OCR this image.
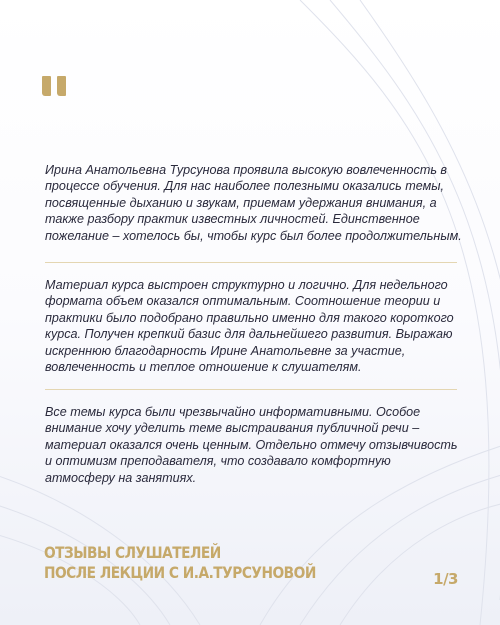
Ирина Анатольевна Турсунова проявила высокую вовлеченность в процессе обучения. Для нас наиболее полезными оказались темы, посвященные дыханию и звукам, приемам удержания внимания, а также разбору практик известных личностей. Единственное пожелание – хотелось бы, чтобы курс был более продолжительным.

Материал курса выстроен структурно и логично. Для недельного формата объем оказался оптимальным. Соотношение теории и практики было подобрано правильно именно для такого короткого курса. Получен крепкий базис для дальнейшего развития. Выражаю искреннюю благодарность Ирине Анатольевне за участие, вовлеченность и теплое отношение к слушателям.

Все темы курса были чрезвычайно информативными. Особое внимание хочу уделить теме выстраивания публичной речи – материал оказался очень ценным. Отдельно отмечу отзывчивость и оптимизм преподавателя, что создавало комфортную атмосферу на занятиях.

ОТЗЫВЫ СЛУШАТЕЛЕЙ
ПОСЛЕ ЛЕКЦИИ С И.А.ТУРСУНОВОЙ	1/3
